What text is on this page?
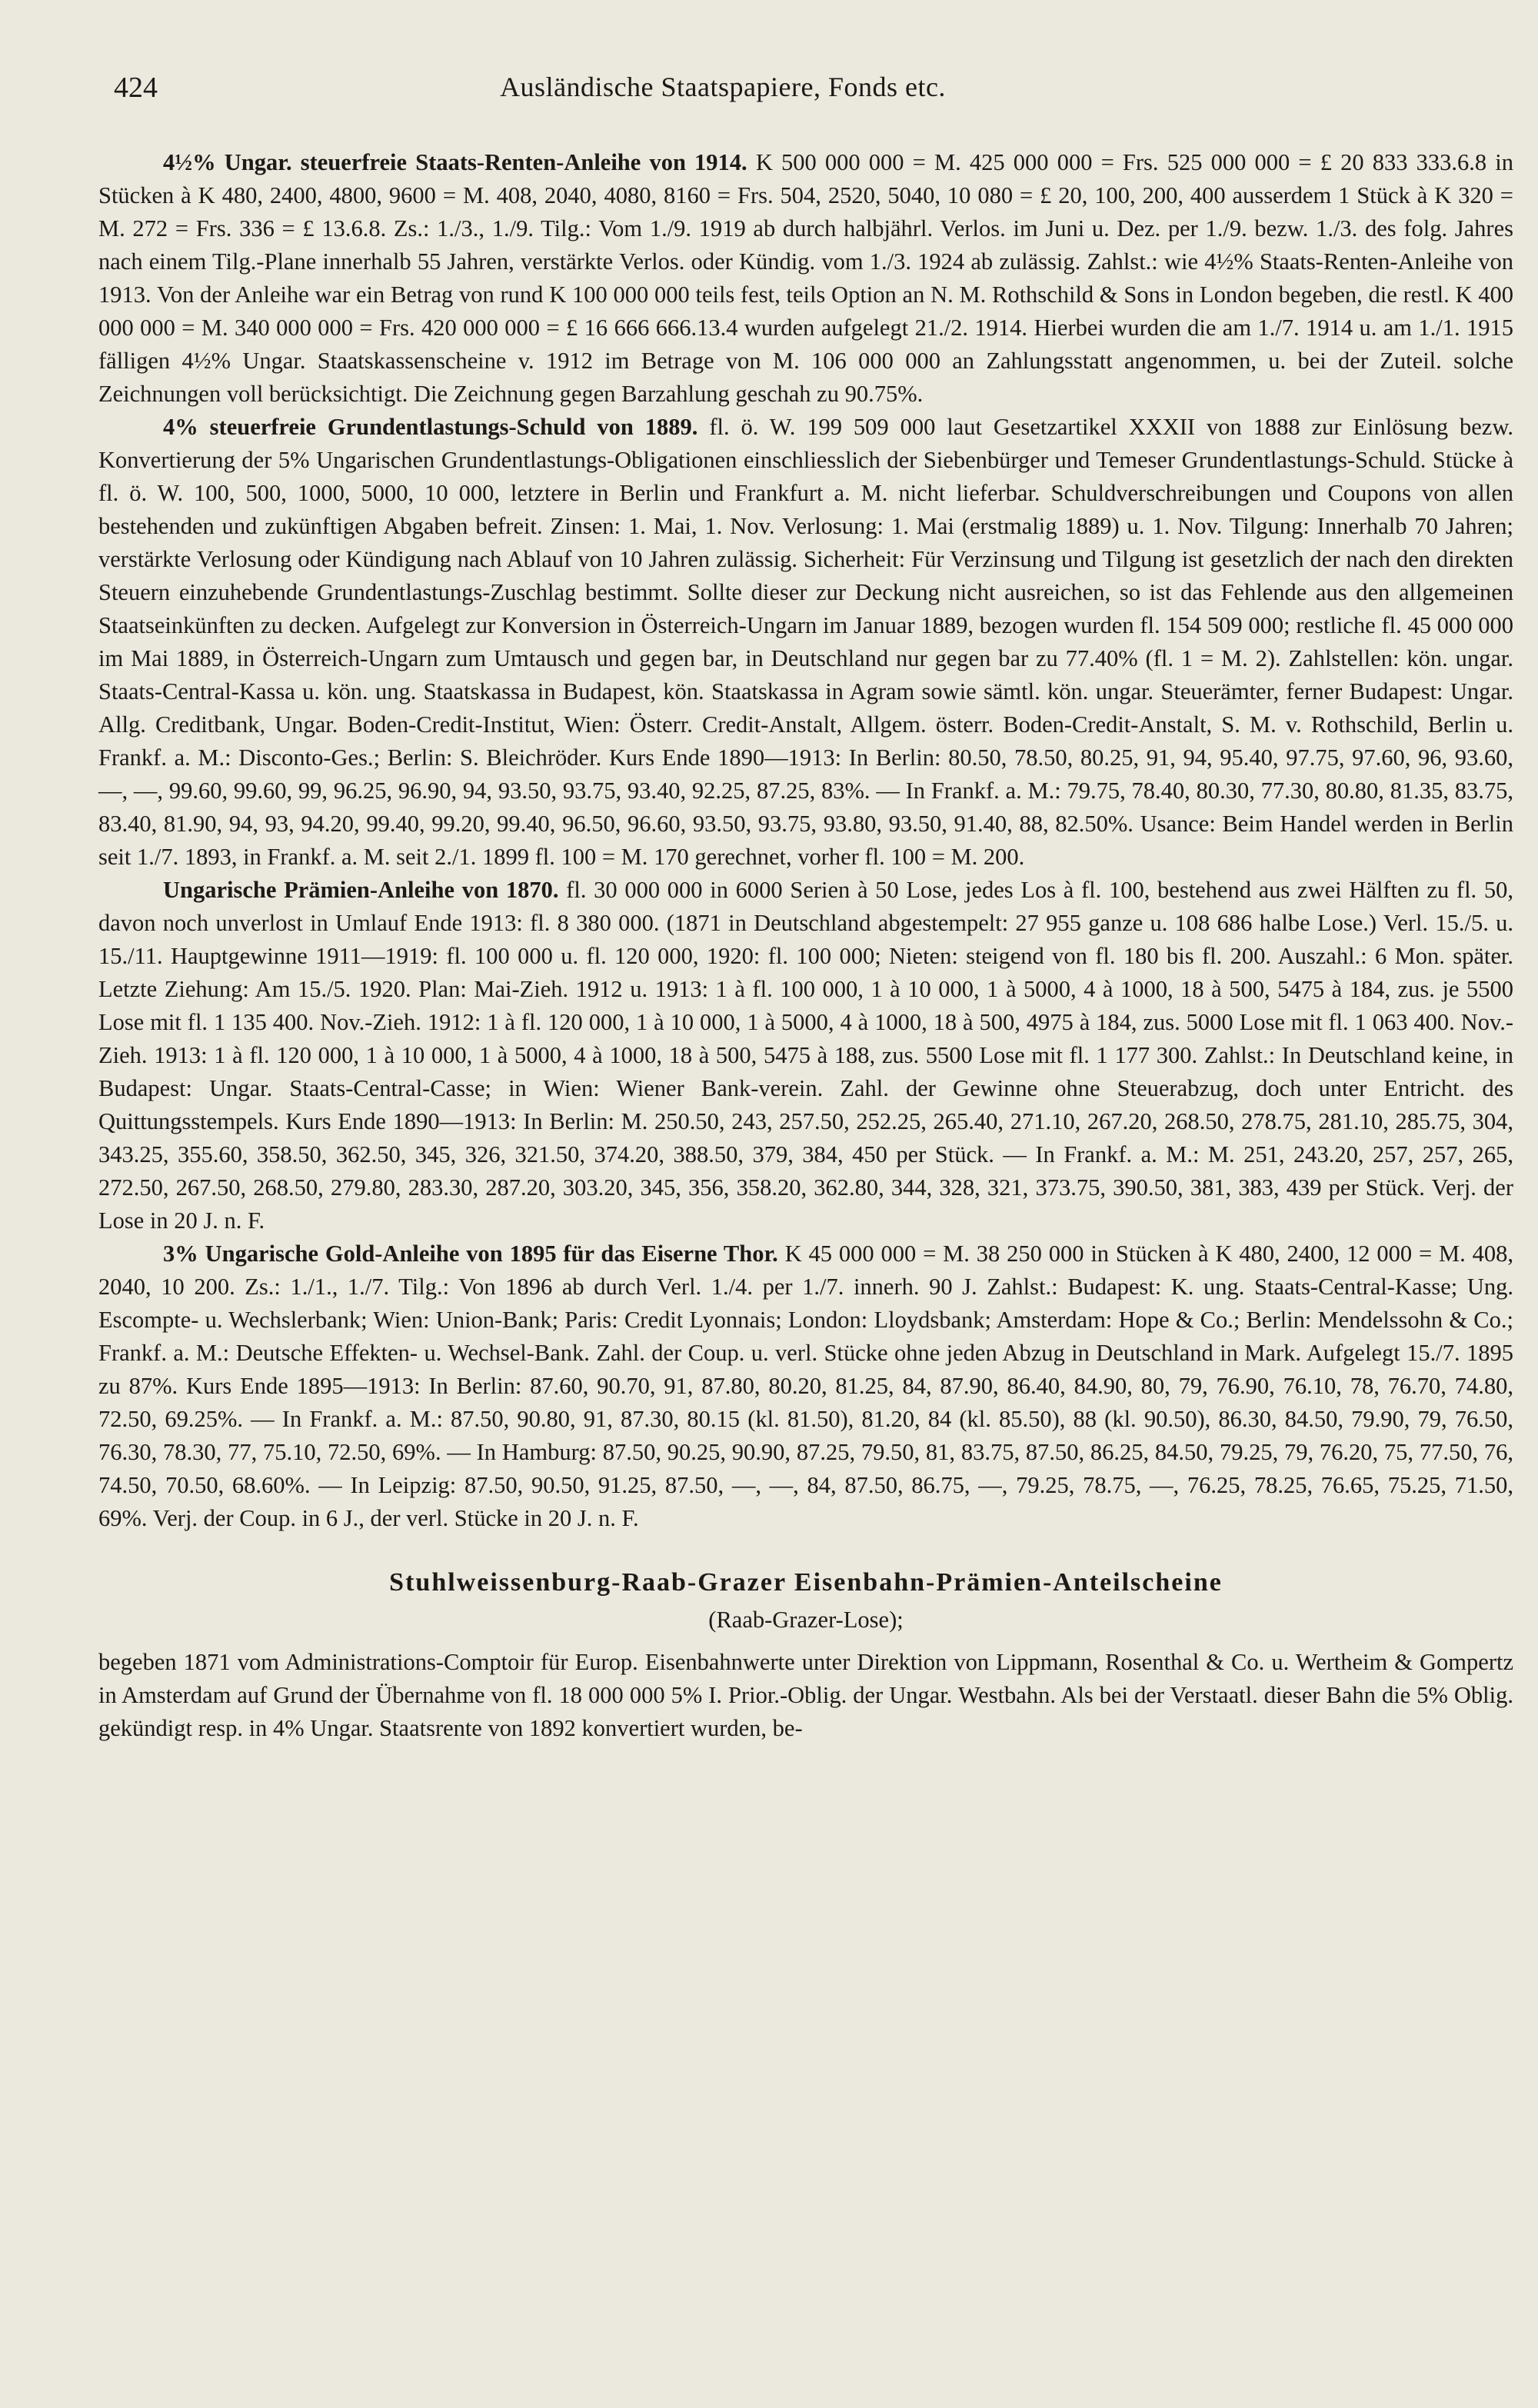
424	Ausländische Staatspapiere, Fonds etc.

4½% Ungar. steuerfreie Staats-Renten-Anleihe von 1914. K 500 000 000 = M. 425 000 000 = Frs. 525 000 000 = £ 20 833 333.6.8 in Stücken à K 480, 2400, 4800, 9600 = M. 408, 2040, 4080, 8160 = Frs. 504, 2520, 5040, 10 080 = £ 20, 100, 200, 400 ausserdem 1 Stück à K 320 = M. 272 = Frs. 336 = £ 13.6.8. Zs.: 1./3., 1./9. Tilg.: Vom 1./9. 1919 ab durch halbjährl. Verlos. im Juni u. Dez. per 1./9. bezw. 1./3. des folg. Jahres nach einem Tilg.-Plane innerhalb 55 Jahren, verstärkte Verlos. oder Kündig. vom 1./3. 1924 ab zulässig. Zahlst.: wie 4½% Staats-Renten-Anleihe von 1913. Von der Anleihe war ein Betrag von rund K 100 000 000 teils fest, teils Option an N. M. Rothschild & Sons in London begeben, die restl. K 400 000 000 = M. 340 000 000 = Frs. 420 000 000 = £ 16 666 666.13.4 wurden aufgelegt 21./2. 1914. Hierbei wurden die am 1./7. 1914 u. am 1./1. 1915 fälligen 4½% Ungar. Staatskassenscheine v. 1912 im Betrage von M. 106 000 000 an Zahlungsstatt angenommen, u. bei der Zuteil. solche Zeichnungen voll berücksichtigt. Die Zeichnung gegen Barzahlung geschah zu 90.75%.

4% steuerfreie Grundentlastungs-Schuld von 1889. fl. ö. W. 199 509 000 laut Gesetzartikel XXXII von 1888 zur Einlösung bezw. Konvertierung der 5% Ungarischen Grundentlastungs-Obligationen einschliesslich der Siebenbürger und Temeser Grundentlastungs-Schuld. Stücke à fl. ö. W. 100, 500, 1000, 5000, 10 000, letztere in Berlin und Frankfurt a. M. nicht lieferbar. Schuldverschreibungen und Coupons von allen bestehenden und zukünftigen Abgaben befreit. Zinsen: 1. Mai, 1. Nov. Verlosung: 1. Mai (erstmalig 1889) u. 1. Nov. Tilgung: Innerhalb 70 Jahren; verstärkte Verlosung oder Kündigung nach Ablauf von 10 Jahren zulässig. Sicherheit: Für Verzinsung und Tilgung ist gesetzlich der nach den direkten Steuern einzuhebende Grundentlastungs-Zuschlag bestimmt. Sollte dieser zur Deckung nicht ausreichen, so ist das Fehlende aus den allgemeinen Staatseinkünften zu decken. Aufgelegt zur Konversion in Österreich-Ungarn im Januar 1889, bezogen wurden fl. 154 509 000; restliche fl. 45 000 000 im Mai 1889, in Österreich-Ungarn zum Umtausch und gegen bar, in Deutschland nur gegen bar zu 77.40% (fl. 1 = M. 2). Zahlstellen: kön. ungar. Staats-Central-Kassa u. kön. ung. Staatskassa in Budapest, kön. Staatskassa in Agram sowie sämtl. kön. ungar. Steuerämter, ferner Budapest: Ungar. Allg. Creditbank, Ungar. Boden-Credit-Institut, Wien: Österr. Credit-Anstalt, Allgem. österr. Boden-Credit-Anstalt, S. M. v. Rothschild, Berlin u. Frankf. a. M.: Disconto-Ges.; Berlin: S. Bleichröder. Kurs Ende 1890—1913: In Berlin: 80.50, 78.50, 80.25, 91, 94, 95.40, 97.75, 97.60, 96, 93.60, —, —, 99.60, 99.60, 99, 96.25, 96.90, 94, 93.50, 93.75, 93.40, 92.25, 87.25, 83%. — In Frankf. a. M.: 79.75, 78.40, 80.30, 77.30, 80.80, 81.35, 83.75, 83.40, 81.90, 94, 93, 94.20, 99.40, 99.20, 99.40, 96.50, 96.60, 93.50, 93.75, 93.80, 93.50, 91.40, 88, 82.50%. Usance: Beim Handel werden in Berlin seit 1./7. 1893, in Frankf. a. M. seit 2./1. 1899 fl. 100 = M. 170 gerechnet, vorher fl. 100 = M. 200.

Ungarische Prämien-Anleihe von 1870. fl. 30 000 000 in 6000 Serien à 50 Lose, jedes Los à fl. 100, bestehend aus zwei Hälften zu fl. 50, davon noch unverlost in Umlauf Ende 1913: fl. 8 380 000. (1871 in Deutschland abgestempelt: 27 955 ganze u. 108 686 halbe Lose.) Verl. 15./5. u. 15./11. Hauptgewinne 1911—1919: fl. 100 000 u. fl. 120 000, 1920: fl. 100 000; Nieten: steigend von fl. 180 bis fl. 200. Auszahl.: 6 Mon. später. Letzte Ziehung: Am 15./5. 1920. Plan: Mai-Zieh. 1912 u. 1913: 1 à fl. 100 000, 1 à 10 000, 1 à 5000, 4 à 1000, 18 à 500, 5475 à 184, zus. je 5500 Lose mit fl. 1 135 400. Nov.-Zieh. 1912: 1 à fl. 120 000, 1 à 10 000, 1 à 5000, 4 à 1000, 18 à 500, 4975 à 184, zus. 5000 Lose mit fl. 1 063 400. Nov.-Zieh. 1913: 1 à fl. 120 000, 1 à 10 000, 1 à 5000, 4 à 1000, 18 à 500, 5475 à 188, zus. 5500 Lose mit fl. 1 177 300. Zahlst.: In Deutschland keine, in Budapest: Ungar. Staats-Central-Casse; in Wien: Wiener Bank-verein. Zahl. der Gewinne ohne Steuerabzug, doch unter Entricht. des Quittungsstempels. Kurs Ende 1890—1913: In Berlin: M. 250.50, 243, 257.50, 252.25, 265.40, 271.10, 267.20, 268.50, 278.75, 281.10, 285.75, 304, 343.25, 355.60, 358.50, 362.50, 345, 326, 321.50, 374.20, 388.50, 379, 384, 450 per Stück. — In Frankf. a. M.: M. 251, 243.20, 257, 257, 265, 272.50, 267.50, 268.50, 279.80, 283.30, 287.20, 303.20, 345, 356, 358.20, 362.80, 344, 328, 321, 373.75, 390.50, 381, 383, 439 per Stück. Verj. der Lose in 20 J. n. F.

3% Ungarische Gold-Anleihe von 1895 für das Eiserne Thor. K 45 000 000 = M. 38 250 000 in Stücken à K 480, 2400, 12 000 = M. 408, 2040, 10 200. Zs.: 1./1., 1./7. Tilg.: Von 1896 ab durch Verl. 1./4. per 1./7. innerh. 90 J. Zahlst.: Budapest: K. ung. Staats-Central-Kasse; Ung. Escompte- u. Wechslerbank; Wien: Union-Bank; Paris: Credit Lyonnais; London: Lloydsbank; Amsterdam: Hope & Co.; Berlin: Mendelssohn & Co.; Frankf. a. M.: Deutsche Effekten- u. Wechsel-Bank. Zahl. der Coup. u. verl. Stücke ohne jeden Abzug in Deutschland in Mark. Aufgelegt 15./7. 1895 zu 87%. Kurs Ende 1895—1913: In Berlin: 87.60, 90.70, 91, 87.80, 80.20, 81.25, 84, 87.90, 86.40, 84.90, 80, 79, 76.90, 76.10, 78, 76.70, 74.80, 72.50, 69.25%. — In Frankf. a. M.: 87.50, 90.80, 91, 87.30, 80.15 (kl. 81.50), 81.20, 84 (kl. 85.50), 88 (kl. 90.50), 86.30, 84.50, 79.90, 79, 76.50, 76.30, 78.30, 77, 75.10, 72.50, 69%. — In Hamburg: 87.50, 90.25, 90.90, 87.25, 79.50, 81, 83.75, 87.50, 86.25, 84.50, 79.25, 79, 76.20, 75, 77.50, 76, 74.50, 70.50, 68.60%. — In Leipzig: 87.50, 90.50, 91.25, 87.50, —, —, 84, 87.50, 86.75, —, 79.25, 78.75, —, 76.25, 78.25, 76.65, 75.25, 71.50, 69%. Verj. der Coup. in 6 J., der verl. Stücke in 20 J. n. F.

Stuhlweissenburg-Raab-Grazer Eisenbahn-Prämien-Anteilscheine
(Raab-Grazer-Lose);

begeben 1871 vom Administrations-Comptoir für Europ. Eisenbahnwerte unter Direktion von Lippmann, Rosenthal & Co. u. Wertheim & Gompertz in Amsterdam auf Grund der Übernahme von fl. 18 000 000 5% I. Prior.-Oblig. der Ungar. Westbahn. Als bei der Verstaatl. dieser Bahn die 5% Oblig. gekündigt resp. in 4% Ungar. Staatsrente von 1892 konvertiert wurden, be-
